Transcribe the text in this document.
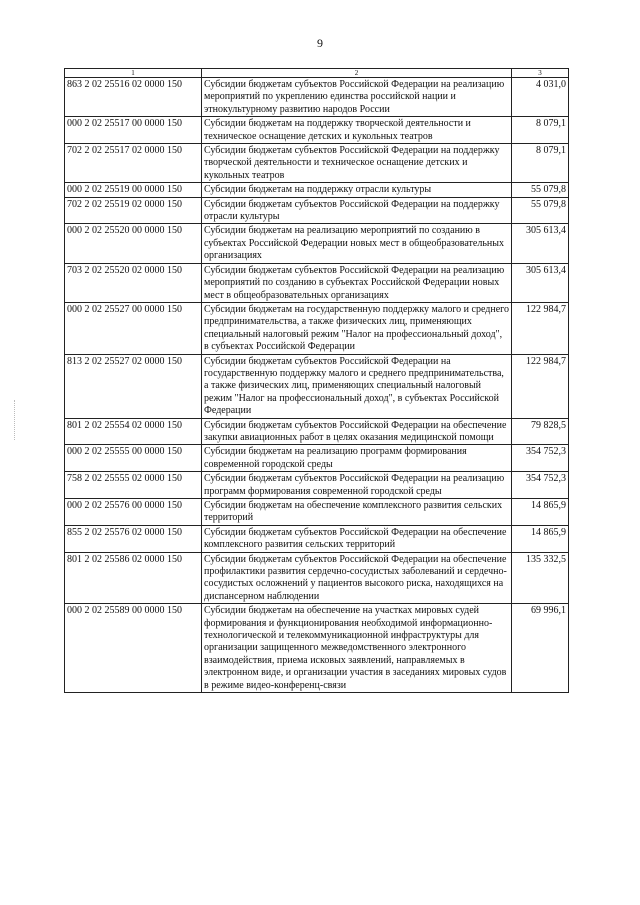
9
1	2	3
863 2 02 25516 02 0000 150	Субсидии бюджетам субъектов Российской Федерации на реализацию мероприятий по укреплению единства российской нации и этнокультурному развитию народов России	4 031,0
000 2 02 25517 00 0000 150	Субсидии бюджетам на поддержку творческой деятельности и техническое оснащение детских и кукольных театров	8 079,1
702 2 02 25517 02 0000 150	Субсидии бюджетам субъектов Российской Федерации на поддержку творческой деятельности и техническое оснащение детских и кукольных театров	8 079,1
000 2 02 25519 00 0000 150	Субсидии бюджетам на поддержку отрасли культуры	55 079,8
702 2 02 25519 02 0000 150	Субсидии бюджетам субъектов Российской Федерации на поддержку отрасли культуры	55 079,8
000 2 02 25520 00 0000 150	Субсидии бюджетам на реализацию мероприятий по созданию в субъектах Российской Федерации новых мест в общеобразовательных организациях	305 613,4
703 2 02 25520 02 0000 150	Субсидии бюджетам субъектов Российской Федерации на реализацию мероприятий по созданию в субъектах Российской Федерации новых мест в общеобразовательных организациях	305 613,4
000 2 02 25527 00 0000 150	Субсидии бюджетам на государственную поддержку малого и среднего предпринимательства, а также физических лиц, применяющих специальный налоговый режим "Налог на профессиональный доход", в субъектах Российской Федерации	122 984,7
813 2 02 25527 02 0000 150	Субсидии бюджетам субъектов Российской Федерации на государственную поддержку малого и среднего предпринимательства, а также физических лиц, применяющих специальный налоговый режим "Налог на профессиональный доход", в субъектах Российской Федерации	122 984,7
801 2 02 25554 02 0000 150	Субсидии бюджетам субъектов Российской Федерации на обеспечение закупки авиационных работ в целях оказания медицинской помощи	79 828,5
000 2 02 25555 00 0000 150	Субсидии бюджетам на реализацию программ формирования современной городской среды	354 752,3
758 2 02 25555 02 0000 150	Субсидии бюджетам субъектов Российской Федерации на реализацию программ формирования современной городской среды	354 752,3
000 2 02 25576 00 0000 150	Субсидии бюджетам на обеспечение комплексного развития сельских территорий	14 865,9
855 2 02 25576 02 0000 150	Субсидии бюджетам субъектов Российской Федерации на обеспечение комплексного развития сельских территорий	14 865,9
801 2 02 25586 02 0000 150	Субсидии бюджетам субъектов Российской Федерации на обеспечение профилактики развития сердечно-сосудистых заболеваний и сердечно-сосудистых осложнений у пациентов высокого риска, находящихся на диспансерном наблюдении	135 332,5
000 2 02 25589 00 0000 150	Субсидии бюджетам на обеспечение на участках мировых судей формирования и функционирования необходимой информационно-технологической и телекоммуникационной инфраструктуры для организации защищенного межведомственного электронного взаимодействия, приема исковых заявлений, направляемых в электронном виде, и организации участия в заседаниях мировых судов в режиме видео-конференц-связи	69 996,1
